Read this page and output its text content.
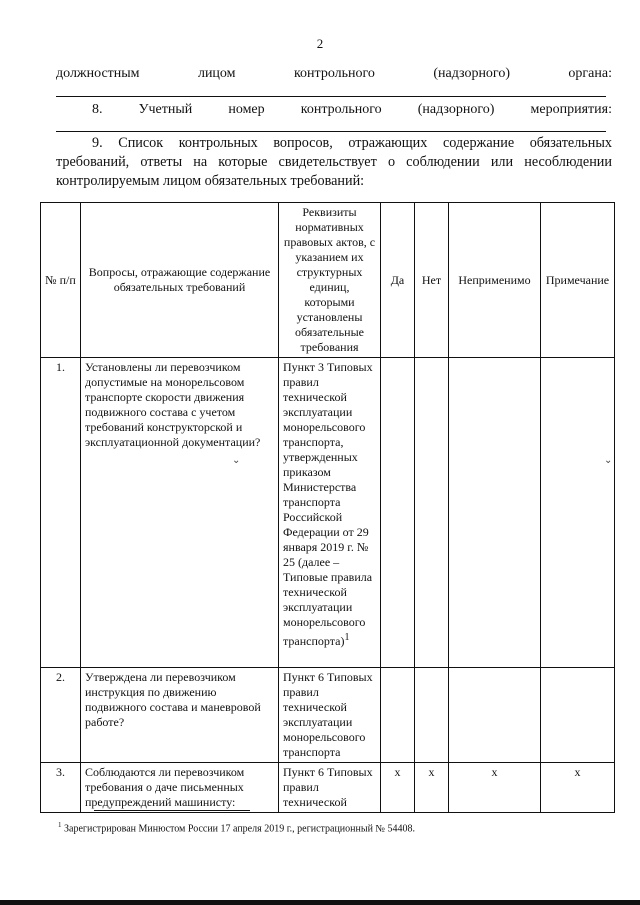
2
должностным	лицом	контрольного	(надзорного)	органа:
8.	Учетный	номер	контрольного	(надзорного)	мероприятия:
9. Список контрольных вопросов, отражающих содержание обязательных требований, ответы на которые свидетельствует о соблюдении или несоблюдении контролируемым лицом обязательных требований:
№ п/п	Вопросы, отражающие содержание обязательных требований	Реквизиты нормативных правовых актов, с указанием их структурных единиц, которыми установлены обязательные требования	Да	Нет	Неприменимо	Примечание
1.	Установлены ли перевозчиком допустимые на монорельсовом транспорте скорости движения подвижного состава с учетом требований конструкторской и эксплуатационной документации?	Пункт 3 Типовых правил технической эксплуатации монорельсового транспорта, утвержденных приказом Министерства транспорта Российской Федерации от 29 января 2019 г. № 25 (далее – Типовые правила технической эксплуатации монорельсового транспорта)$^1$				
2.	Утверждена ли перевозчиком инструкция по движению подвижного состава и маневровой работе?	Пункт 6 Типовых правил технической эксплуатации монорельсового транспорта				
3.	Соблюдаются ли перевозчиком требования о даче письменных предупреждений машинисту:	Пункт 6 Типовых правил технической	х	х	х	х
⌄	⌄
$^1$ Зарегистрирован Минюстом России 17 апреля 2019 г., регистрационный № 54408.
